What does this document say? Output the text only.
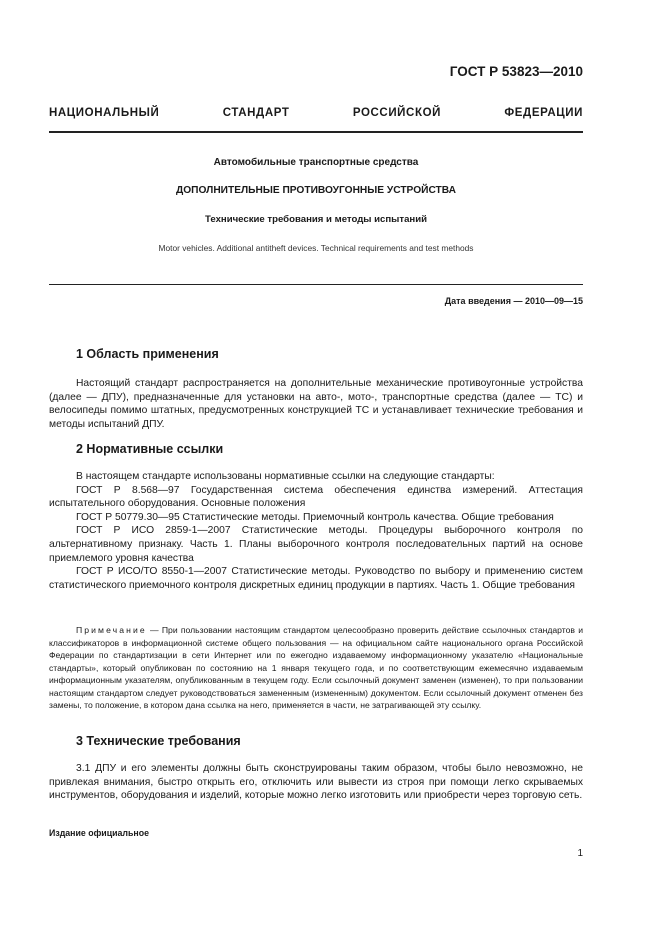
ГОСТ Р 53823—2010
НАЦИОНАЛЬНЫЙ СТАНДАРТ РОССИЙСКОЙ ФЕДЕРАЦИИ
Автомобильные транспортные средства
ДОПОЛНИТЕЛЬНЫЕ ПРОТИВОУГОННЫЕ УСТРОЙСТВА
Технические требования и методы испытаний
Motor vehicles. Additional antitheft devices. Technical requirements and test methods
Дата введения — 2010—09—15
1 Область применения

Настоящий стандарт распространяется на дополнительные механические противоугонные устройства (далее — ДПУ), предназначенные для установки на авто-, мото-, транспортные средства (далее — ТС) и велосипеды помимо штатных, предусмотренных конструкцией ТС и устанавливает технические требования и методы испытаний ДПУ.

2 Нормативные ссылки
В настоящем стандарте использованы нормативные ссылки на следующие стандарты:
ГОСТ Р 8.568—97 Государственная система обеспечения единства измерений. Аттестация испытательного оборудования. Основные положения
ГОСТ Р 50779.30—95 Статистические методы. Приемочный контроль качества. Общие требования
ГОСТ Р ИСО 2859-1—2007 Статистические методы. Процедуры выборочного контроля по альтернативному признаку. Часть 1. Планы выборочного контроля последовательных партий на основе приемлемого уровня качества
ГОСТ Р ИСО/ТО 8550-1—2007 Статистические методы. Руководство по выбору и применению систем статистического приемочного контроля дискретных единиц продукции в партиях. Часть 1. Общие требования

Примечание — При пользовании настоящим стандартом целесообразно проверить действие ссылочных стандартов и классификаторов в информационной системе общего пользования — на официальном сайте национального органа Российской Федерации по стандартизации в сети Интернет или по ежегодно издаваемому информационному указателю «Национальные стандарты», который опубликован по состоянию на 1 января текущего года, и по соответствующим ежемесячно издаваемым информационным указателям, опубликованным в текущем году. Если ссылочный документ заменен (изменен), то при пользовании настоящим стандартом следует руководствоваться замененным (измененным) документом. Если ссылочный документ отменен без замены, то положение, в котором дана ссылка на него, применяется в части, не затрагивающей эту ссылку.

3 Технические требования

3.1 ДПУ и его элементы должны быть сконструированы таким образом, чтобы было невозможно, не привлекая внимания, быстро открыть его, отключить или вывести из строя при помощи легко скрываемых инструментов, оборудования и изделий, которые можно легко изготовить или приобрести через торговую сеть.

Издание официальное
1
